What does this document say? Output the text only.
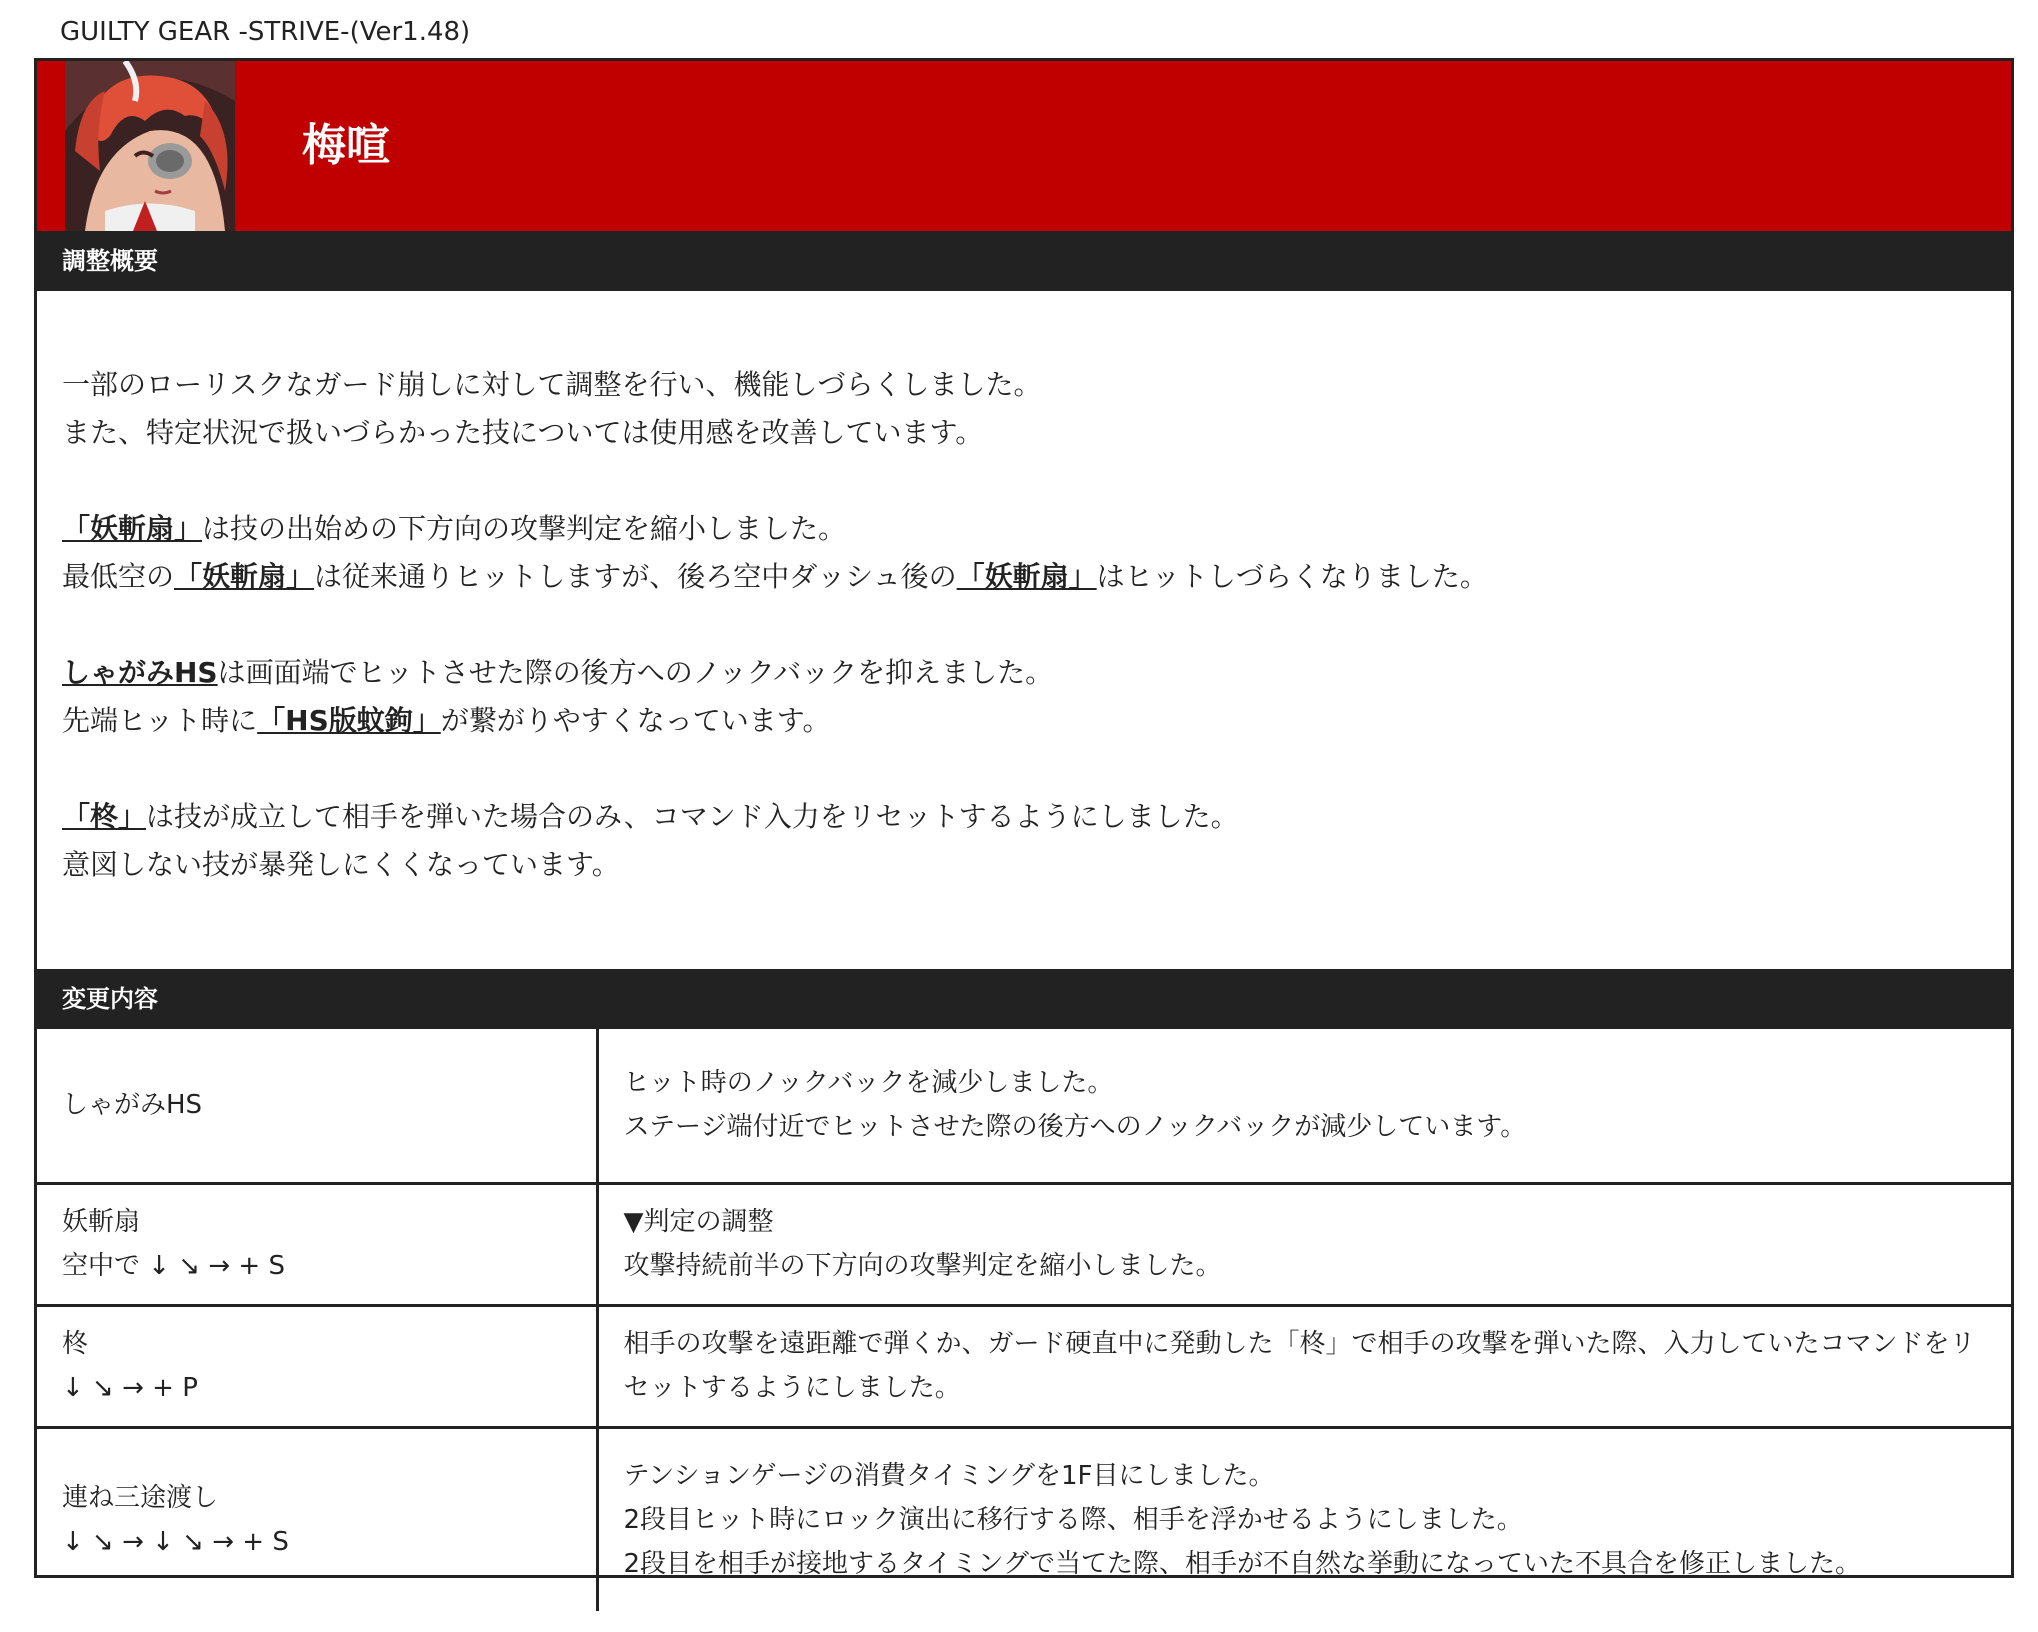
GUILTY GEAR -STRIVE-(Ver1.48)
梅喧
調整概要

一部のローリスクなガード崩しに対して調整を行い、機能しづらくしました。
また、特定状況で扱いづらかった技については使用感を改善しています。

「妖斬扇」は技の出始めの下方向の攻撃判定を縮小しました。
最低空の「妖斬扇」は従来通りヒットしますが、後ろ空中ダッシュ後の「妖斬扇」はヒットしづらくなりました。

しゃがみHSは画面端でヒットさせた際の後方へのノックバックを抑えました。
先端ヒット時に「HS版蚊鉤」が繋がりやすくなっています。

「柊」は技が成立して相手を弾いた場合のみ、コマンド入力をリセットするようにしました。
意図しない技が暴発しにくくなっています。

変更内容
しゃがみHS	ヒット時のノックバックを減少しました。
ステージ端付近でヒットさせた際の後方へのノックバックが減少しています。

妖斬扇
空中で ↓ ↘ → + S	▼判定の調整
攻撃持続前半の下方向の攻撃判定を縮小しました。

柊
↓ ↘ → + P	相手の攻撃を遠距離で弾くか、ガード硬直中に発動した「柊」で相手の攻撃を弾いた際、入力していたコマンドをリセットするようにしました。

連ね三途渡し
↓ ↘ → ↓ ↘ → + S	テンションゲージの消費タイミングを1F目にしました。
2段目ヒット時にロック演出に移行する際、相手を浮かせるようにしました。
2段目を相手が接地するタイミングで当てた際、相手が不自然な挙動になっていた不具合を修正しました。
